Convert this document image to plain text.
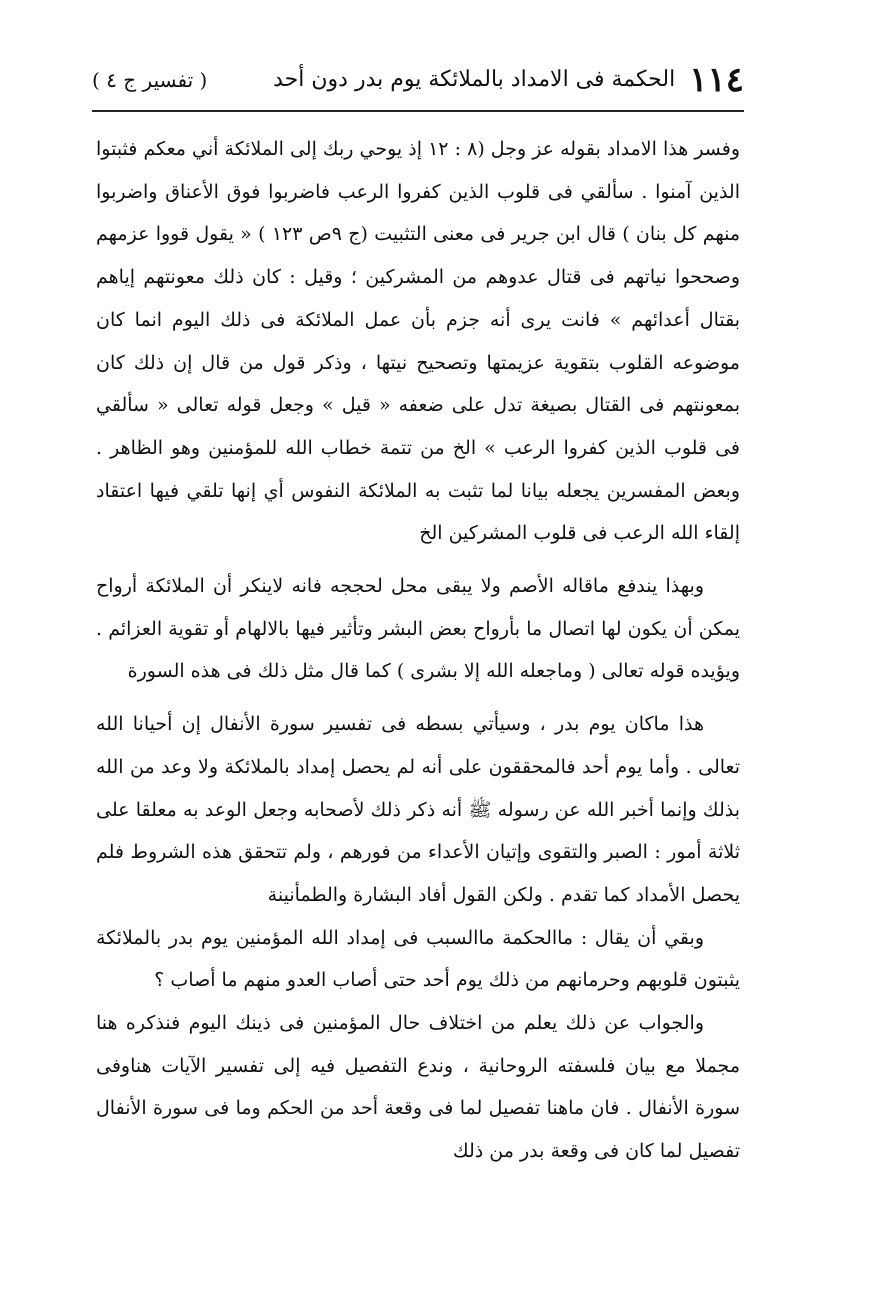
١١٤
الحكمة فى الامداد بالملائكة يوم بدر دون أحد
( تفسير ج ٤ )

وفسر هذا الامداد بقوله عز وجل (٨ : ١٢ إذ يوحي ربك إلى الملائكة أني معكم فثبتوا الذين آمنوا . سألقي فى قلوب الذين كفروا الرعب فاضربوا فوق الأعناق واضربوا منهم كل بنان ) قال ابن جرير فى معنى التثبيت (ج ٩ص ١٢٣ ) « يقول قووا عزمهم وصححوا نياتهم فى قتال عدوهم من المشركين ؛ وقيل : كان ذلك معونتهم إياهم بقتال أعدائهم » فانت يرى أنه جزم بأن عمل الملائكة فى ذلك اليوم انما كان موضوعه القلوب بتقوية عزيمتها وتصحيح نيتها ، وذكر قول من قال إن ذلك كان بمعونتهم فى القتال بصيغة تدل على ضعفه « قيل » وجعل قوله تعالى « سألقي فى قلوب الذين كفروا الرعب » الخ من تتمة خطاب الله للمؤمنين وهو الظاهر . وبعض المفسرين يجعله بيانا لما تثبت به الملائكة النفوس أي إنها تلقي فيها اعتقاد إلقاء الله الرعب فى قلوب المشركين الخ

وبهذا يندفع ماقاله الأصم ولا يبقى محل لحججه فانه لاينكر أن الملائكة أرواح يمكن أن يكون لها اتصال ما بأرواح بعض البشر وتأثير فيها بالالهام أو تقوية العزائم . ويؤيده قوله تعالى ( وماجعله الله إلا بشرى ) كما قال مثل ذلك فى هذه السورة

هذا ماكان يوم بدر ، وسيأتي بسطه فى تفسير سورة الأنفال إن أحيانا الله تعالى . وأما يوم أحد فالمحققون على أنه لم يحصل إمداد بالملائكة ولا وعد من الله بذلك وإنما أخبر الله عن رسوله ﷺ أنه ذكر ذلك لأصحابه وجعل الوعد به معلقا على ثلاثة أمور : الصبر والتقوى وإتيان الأعداء من فورهم ، ولم تتحقق هذه الشروط فلم يحصل الأمداد كما تقدم . ولكن القول أفاد البشارة والطمأنينة

وبقي أن يقال : ماالحكمة ماالسبب فى إمداد الله المؤمنين يوم بدر بالملائكة يثبتون قلوبهم وحرمانهم من ذلك يوم أحد حتى أصاب العدو منهم ما أصاب ؟

والجواب عن ذلك يعلم من اختلاف حال المؤمنين فى ذينك اليوم فنذكره هنا مجملا مع بيان فلسفته الروحانية ، وندع التفصيل فيه إلى تفسير الآيات هناوفى سورة الأنفال . فان ماهنا تفصيل لما فى وقعة أحد من الحكم وما فى سورة الأنفال تفصيل لما كان فى وقعة بدر من ذلك
